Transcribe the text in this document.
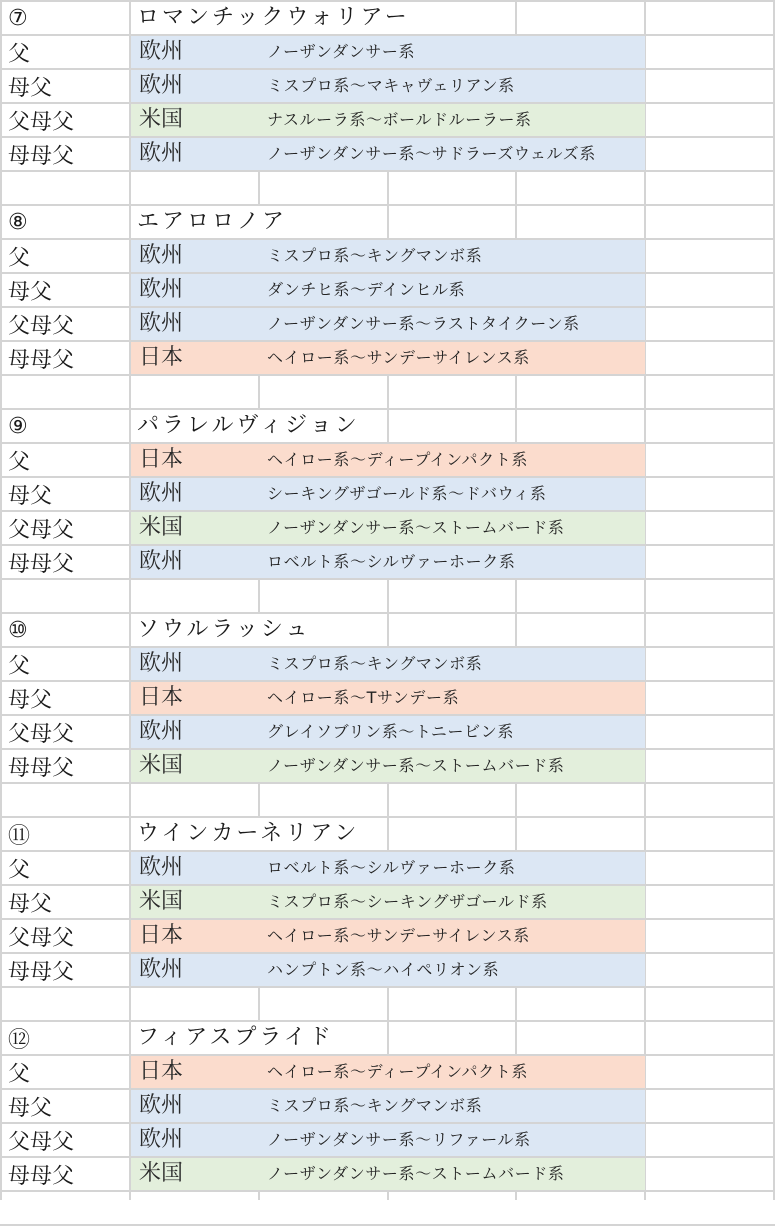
⑦	ロマンチックウォリアー
父	欧州	ノーザンダンサー系
母父	欧州	ミスプロ系〜マキャヴェリアン系
父母父	米国	ナスルーラ系〜ボールドルーラー系
母母父	欧州	ノーザンダンサー系〜サドラーズウェルズ系
⑧	エアロロノア
父	欧州	ミスプロ系〜キングマンボ系
母父	欧州	ダンチヒ系〜デインヒル系
父母父	欧州	ノーザンダンサー系〜ラストタイクーン系
母母父	日本	ヘイロー系〜サンデーサイレンス系
⑨	パラレルヴィジョン
父	日本	ヘイロー系〜ディープインパクト系
母父	欧州	シーキングザゴールド系〜ドバウィ系
父母父	米国	ノーザンダンサー系〜ストームバード系
母母父	欧州	ロベルト系〜シルヴァーホーク系
⑩	ソウルラッシュ
父	欧州	ミスプロ系〜キングマンボ系
母父	日本	ヘイロー系〜Tサンデー系
父母父	欧州	グレイソブリン系〜トニービン系
母母父	米国	ノーザンダンサー系〜ストームバード系
⑪	ウインカーネリアン
父	欧州	ロベルト系〜シルヴァーホーク系
母父	米国	ミスプロ系〜シーキングザゴールド系
父母父	日本	ヘイロー系〜サンデーサイレンス系
母母父	欧州	ハンプトン系〜ハイペリオン系
⑫	フィアスプライド
父	日本	ヘイロー系〜ディープインパクト系
母父	欧州	ミスプロ系〜キングマンボ系
父母父	欧州	ノーザンダンサー系〜リファール系
母母父	米国	ノーザンダンサー系〜ストームバード系
